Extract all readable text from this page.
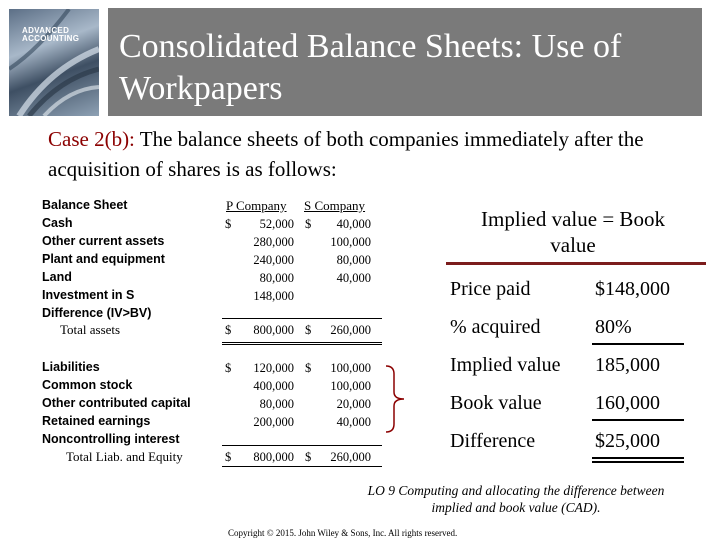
ADVANCED
ACCOUNTING Consolidated Balance Sheets: Use of
Workpapers
Case 2(b): The balance sheets of both companies immediately after the acquisition of shares is as follows:
Balance Sheet	P Company S Company
Cash	$	52,000 $	40,000
Other current assets	280,000	100,000
Plant and equipment	240,000	80,000
Land	80,000	40,000
Investment in S	148,000
Difference (IV>BV)
Total assets	$	800,000 $	260,000
Liabilities	$	120,000 $	100,000
Common stock	400,000	100,000
Other contributed capital	80,000	20,000
Retained earnings	200,000	40,000
Noncontrolling interest
Total Liab. and Equity	$	800,000 $	260,000
Implied value = Book
value
Price paid	$148,000
% acquired	80%
Implied value 185,000
Book value	160,000
Difference	$25,000
LO 9 Computing and allocating the difference between
implied and book value (CAD).
Copyright © 2015. John Wiley & Sons, Inc. All rights reserved.
